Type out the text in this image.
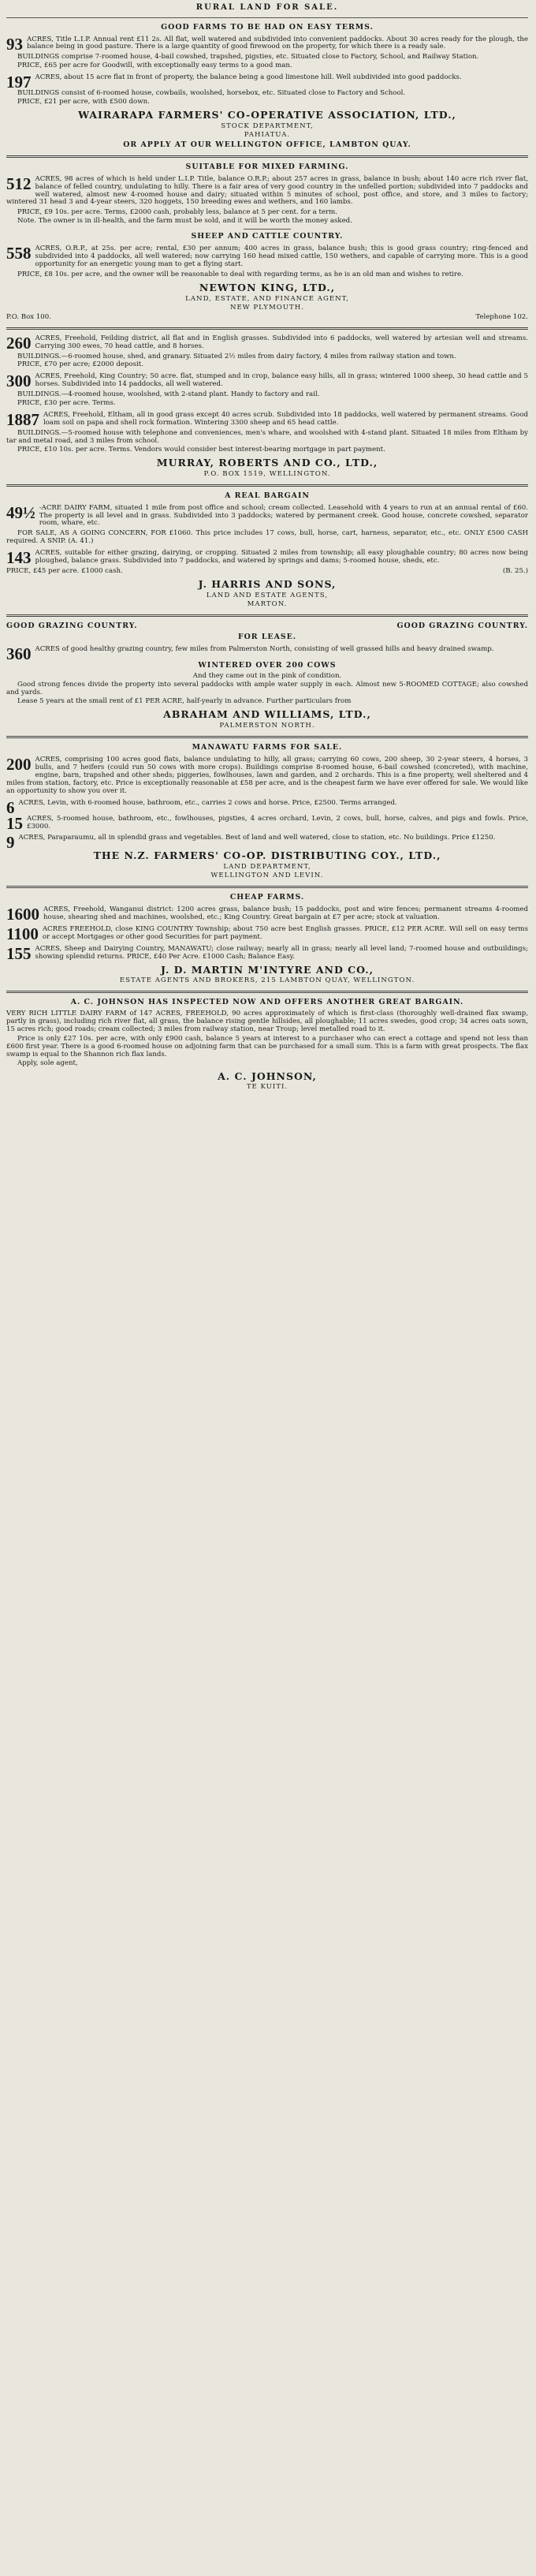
RURAL LAND FOR SALE.
GOOD FARMS TO BE HAD ON EASY TERMS.
93 ACRES, Title L.I.P. Annual rent £11 2s. All flat, well watered and subdivided into convenient paddocks. About 30 acres ready for the plough, the balance being in good pasture. There is a large quantity of good firewood on the property, for which there is a ready sale.
BUILDINGS comprise 7-roomed house, 4-bail cowshed, trapshed, pigsties, etc. Situated close to Factory, School, and Railway Station.
PRICE, £65 per acre for Goodwill, with exceptionally easy terms to a good man.
197 ACRES, about 15 acre flat in front of property, the balance being a good limestone hill. Well subdivided into good paddocks.
BUILDINGS consist of 6-roomed house, cowbails, woolshed, horsebox, etc. Situated close to Factory and School.
PRICE, £21 per acre, with £500 down.
WAIRARAPA FARMERS' CO-OPERATIVE ASSOCIATION, LTD.,
STOCK DEPARTMENT,
PAHIATUA.
OR APPLY AT OUR WELLINGTON OFFICE, LAMBTON QUAY.
SUITABLE FOR MIXED FARMING.
512 ACRES, 98 acres of which is held under L.I.P. Title, balance O.R.P.; about 257 acres in grass, balance in bush; about 140 acre rich river flat, balance of felled country, undulating to hilly. There is a fair area of very good country in the unfelled portion; subdivided into 7 paddocks and well watered, almost new 4-roomed house and dairy; situated within 5 minutes of school, post office, and store, and 3 miles to factory; wintered 31 head 3 and 4-year steers, 320 hoggets, 150 breeding ewes and wethers, and 160 lambs.
PRICE, £9 10s. per acre. Terms, £2000 cash, probably less, balance at 5 per cent. for a term.
Note. The owner is in ill-health, and the farm must be sold, and it will be worth the money asked.
SHEEP AND CATTLE COUNTRY.
558 ACRES, O.R.P., at 25s. per acre; rental, £30 per annum; 400 acres in grass, balance bush; this is good grass country; ring-fenced and subdivided into 4 paddocks, all well watered; now carrying 160 head mixed cattle, 150 wethers, and capable of carrying more. This is a good opportunity for an energetic young man to get a flying start.
PRICE, £8 10s. per acre, and the owner will be reasonable to deal with regarding terms, as he is an old man and wishes to retire.
NEWTON KING, LTD.,
LAND, ESTATE, AND FINANCE AGENT,
NEW PLYMOUTH.
P.O. Box 100.	Telephone 102.
260 ACRES, Freehold, Feilding district, all flat and in English grasses. Subdivided into 6 paddocks, well watered by artesian well and streams. Carrying 300 ewes, 70 head cattle, and 8 horses.
BUILDINGS.—6-roomed house, shed, and granary. Situated 2½ miles from dairy factory, 4 miles from railway station and town.
PRICE, £70 per acre; £2000 deposit.
300 ACRES, Freehold, King Country; 50 acre. flat, stumped and in crop, balance easy hills, all in grass; wintered 1000 sheep, 30 head cattle and 5 horses. Subdivided into 14 paddocks, all well watered.
BUILDINGS.—4-roomed house, woolshed, with 2-stand plant. Handy to factory and rail.
PRICE, £30 per acre. Terms.
1887 ACRES, Freehold, Eltham, all in good grass except 40 acres scrub. Subdivided into 18 paddocks, well watered by permanent streams. Good loam soil on papa and shell rock formation. Wintering 3300 sheep and 65 head cattle.
BUILDINGS.—5-roomed house with telephone and conveniences, men's whare, and woolshed with 4-stand plant. Situated 18 miles from Eltham by tar and metal road, and 3 miles from school.
PRICE, £10 10s. per acre. Terms. Vendors would consider best interest-bearing mortgage in part payment.
MURRAY, ROBERTS AND CO., LTD.,
P.O. BOX 1519, WELLINGTON.
A REAL BARGAIN
49½ -ACRE DAIRY FARM, situated 1 mile from post office and school; cream collected. Leasehold with 4 years to run at an annual rental of £60. The property is all level and in grass. Subdivided into 3 paddocks; watered by permanent creek. Good house, concrete cowshed, separator room, whare, etc.
FOR SALE, AS A GOING CONCERN, FOR £1060. This price includes 17 cows, bull, horse, cart, harness, separator, etc., etc. ONLY £500 CASH required. A SNIP. (A. 41.)
143 ACRES, suitable for either grazing, dairying, or cropping. Situated 2 miles from township; all easy ploughable country; 80 acres now being ploughed, balance grass. Subdivided into 7 paddocks, and watered by springs and dams; 5-roomed house, sheds, etc.
PRICE, £45 per acre. £1000 cash.	(B. 25.)
J. HARRIS AND SONS,
LAND AND ESTATE AGENTS,
MARTON.
GOOD GRAZING COUNTRY.	GOOD GRAZING COUNTRY.
FOR LEASE.
360 ACRES of good healthy grazing country, few miles from Palmerston North, consisting of well grassed hills and heavy drained swamp.
WINTERED OVER 200 COWS
And they came out in the pink of condition.
Good strong fences divide the property into several paddocks with ample water supply in each. Almost new 5-ROOMED COTTAGE; also cowshed and yards.
Lease 5 years at the small rent of £1 PER ACRE, half-yearly in advance. Further particulars from
ABRAHAM AND WILLIAMS, LTD.,
PALMERSTON NORTH.
MANAWATU FARMS FOR SALE.
200 ACRES, comprising 100 acres good flats, balance undulating to hilly, all grass; carrying 60 cows, 200 sheep, 30 2-year steers, 4 horses, 3 bulls, and 7 heifers (could run 50 cows with more crops). Buildings comprise 8-roomed house, 6-bail cowshed (concreted), with machine, engine, barn, trapshed and other sheds; piggeries, fowlhouses, lawn and garden, and 2 orchards. This is a fine property, well sheltered and 4 miles from station, factory, etc. Price is exceptionally reasonable at £58 per acre, and is the cheapest farm we have ever offered for sale. We would like an opportunity to show you over it.
6 ACRES, Levin, with 6-roomed house, bathroom, etc., carries 2 cows and horse. Price, £2500. Terms arranged.
15 ACRES, 5-roomed house, bathroom, etc., fowlhouses, pigsties, 4 acres orchard, Levin, 2 cows, bull, horse, calves, and pigs and fowls. Price, £3000.
9 ACRES, Paraparaumu, all in splendid grass and vegetables. Best of land and well watered, close to station, etc. No buildings. Price £1250.
THE N.Z. FARMERS' CO-OP. DISTRIBUTING COY., LTD.,
LAND DEPARTMENT,
WELLINGTON AND LEVIN.
CHEAP FARMS.
1600 ACRES, Freehold, Wanganui district: 1200 acres grass, balance bush; 15 paddocks, post and wire fences; permanent streams 4-roomed house, shearing shed and machines, woolshed, etc.; King Country. Great bargain at £7 per acre; stock at valuation.
1100 ACRES FREEHOLD, close KING COUNTRY Township; about 750 acre best English grasses. PRICE, £12 PER ACRE. Will sell on easy terms or accept Mortgages or other good Securities for part payment.
155 ACRES, Sheep and Dairying Country, MANAWATU; close railway; nearly all in grass; nearly all level land; 7-roomed house and outbuildings; showing splendid returns. PRICE, £40 Per Acre. £1000 Cash; Balance Easy.
J. D. MARTIN M'INTYRE AND CO.,
ESTATE AGENTS AND BROKERS, 215 LAMBTON QUAY, WELLINGTON.
A. C. JOHNSON HAS INSPECTED NOW AND OFFERS ANOTHER GREAT BARGAIN.
VERY RICH LITTLE DAIRY FARM of 147 ACRES, FREEHOLD, 90 acres approximately of which is first-class (thoroughly well-drained flax swamp, partly in grass), including rich river flat, all grass, the balance rising gentle hillsides, all ploughable; 11 acres swedes, good crop; 34 acres oats sown, 15 acres rich; good roads; cream collected; 3 miles from railway station, near Troup; level metalled road to it.
Price is only £27 10s. per acre, with only £900 cash, balance 5 years at interest to a purchaser who can erect a cottage and spend not less than £600 first year. There is a good 6-roomed house on adjoining farm that can be purchased for a small sum. This is a farm with great prospects. The flax swamp is equal to the Shannon rich flax lands.
Apply, sole agent,
A. C. JOHNSON,
TE KUITI.
